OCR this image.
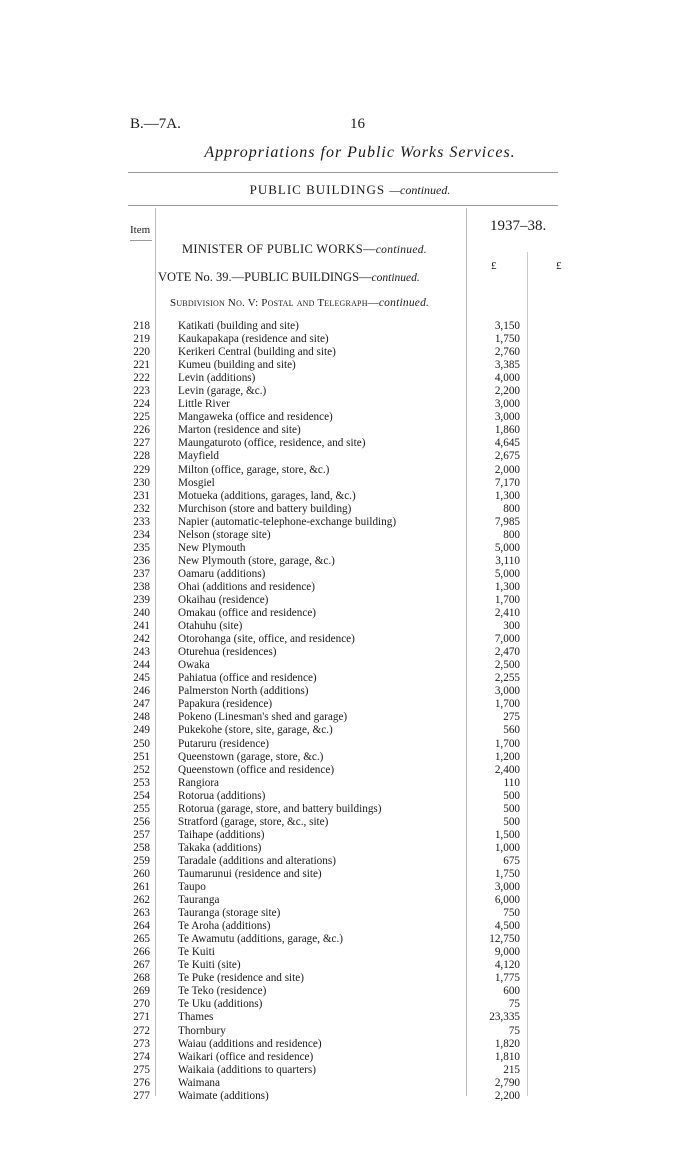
B.—7A.	16
Appropriations for Public Works Services.
PUBLIC BUILDINGS —continued.
Item	1937–38.
£	£
MINISTER OF PUBLIC WORKS—continued.
VOTE No. 39.—PUBLIC BUILDINGS—continued.
Subdivision No. V: Postal and Telegraph—continued.
218	Katikati (building and site)	3,150
219	Kaukapakapa (residence and site)	1,750
220	Kerikeri Central (building and site)	2,760
221	Kumeu (building and site)	3,385
222	Levin (additions)	4,000
223	Levin (garage, &c.)	2,200
224	Little River	3,000
225	Mangaweka (office and residence)	3,000
226	Marton (residence and site)	1,860
227	Maungaturoto (office, residence, and site)	4,645
228	Mayfield	2,675
229	Milton (office, garage, store, &c.)	2,000
230	Mosgiel	7,170
231	Motueka (additions, garages, land, &c.)	1,300
232	Murchison (store and battery building)	800
233	Napier (automatic-telephone-exchange building)	7,985
234	Nelson (storage site)	800
235	New Plymouth	5,000
236	New Plymouth (store, garage, &c.)	3,110
237	Oamaru (additions)	5,000
238	Ohai (additions and residence)	1,300
239	Okaihau (residence)	1,700
240	Omakau (office and residence)	2,410
241	Otahuhu (site)	300
242	Otorohanga (site, office, and residence)	7,000
243	Oturehua (residences)	2,470
244	Owaka	2,500
245	Pahiatua (office and residence)	2,255
246	Palmerston North (additions)	3,000
247	Papakura (residence)	1,700
248	Pokeno (Linesman's shed and garage)	275
249	Pukekohe (store, site, garage, &c.)	560
250	Putaruru (residence)	1,700
251	Queenstown (garage, store, &c.)	1,200
252	Queenstown (office and residence)	2,400
253	Rangiora	110
254	Rotorua (additions)	500
255	Rotorua (garage, store, and battery buildings)	500
256	Stratford (garage, store, &c., site)	500
257	Taihape (additions)	1,500
258	Takaka (additions)	1,000
259	Taradale (additions and alterations)	675
260	Taumarunui (residence and site)	1,750
261	Taupo	3,000
262	Tauranga	6,000
263	Tauranga (storage site)	750
264	Te Aroha (additions)	4,500
265	Te Awamutu (additions, garage, &c.)	12,750
266	Te Kuiti	9,000
267	Te Kuiti (site)	4,120
268	Te Puke (residence and site)	1,775
269	Te Teko (residence)	600
270	Te Uku (additions)	75
271	Thames	23,335
272	Thornbury	75
273	Waiau (additions and residence)	1,820
274	Waikari (office and residence)	1,810
275	Waikaia (additions to quarters)	215
276	Waimana	2,790
277	Waimate (additions)	2,200
